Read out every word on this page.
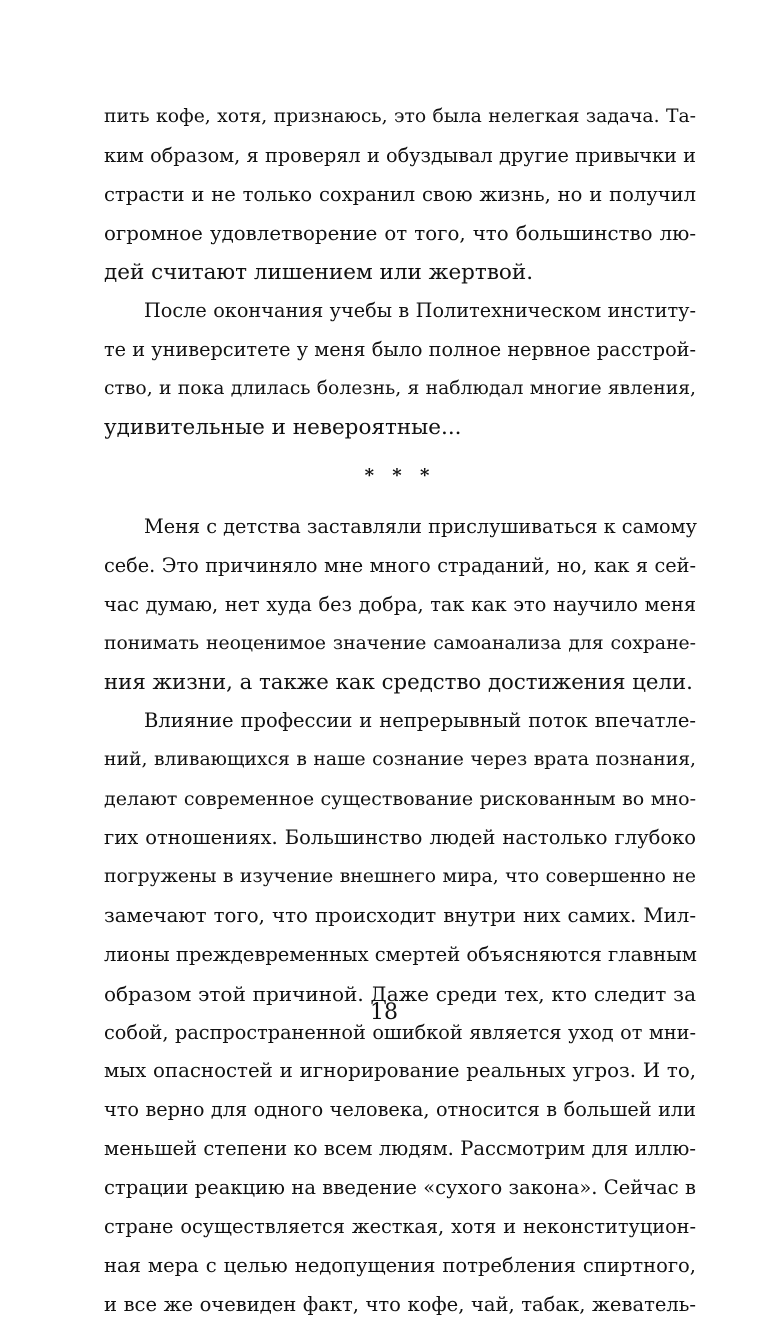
пить кофе, хотя, признаюсь, это была нелегкая задача. Та-
ким образом, я проверял и обуздывал другие привычки и
страсти и не только сохранил свою жизнь, но и получил
огромное удовлетворение от того, что большинство лю-
дей считают лишением или жертвой.
После окончания учебы в Политехническом институ-
те и университете у меня было полное нервное расстрой-
ство, и пока длилась болезнь, я наблюдал многие явления,
удивительные и невероятные...
* * *
Меня с детства заставляли прислушиваться к самому
себе. Это причиняло мне много страданий, но, как я сей-
час думаю, нет худа без добра, так как это научило меня
понимать неоценимое значение самоанализа для сохране-
ния жизни, а также как средство достижения цели.
Влияние профессии и непрерывный поток впечатле-
ний, вливающихся в наше сознание через врата познания,
делают современное существование рискованным во мно-
гих отношениях. Большинство людей настолько глубоко
погружены в изучение внешнего мира, что совершенно не
замечают того, что происходит внутри них самих. Мил-
лионы преждевременных смертей объясняются главным
образом этой причиной. Даже среди тех, кто следит за
собой, распространенной ошибкой является уход от мни-
мых опасностей и игнорирование реальных угроз. И то,
что верно для одного человека, относится в большей или
меньшей степени ко всем людям. Рассмотрим для иллю-
страции реакцию на введение «сухого закона». Сейчас в
стране осуществляется жесткая, хотя и неконституцион-
ная мера с целью недопущения потребления спиртного,
и все же очевиден факт, что кофе, чай, табак, жеватель-
18
